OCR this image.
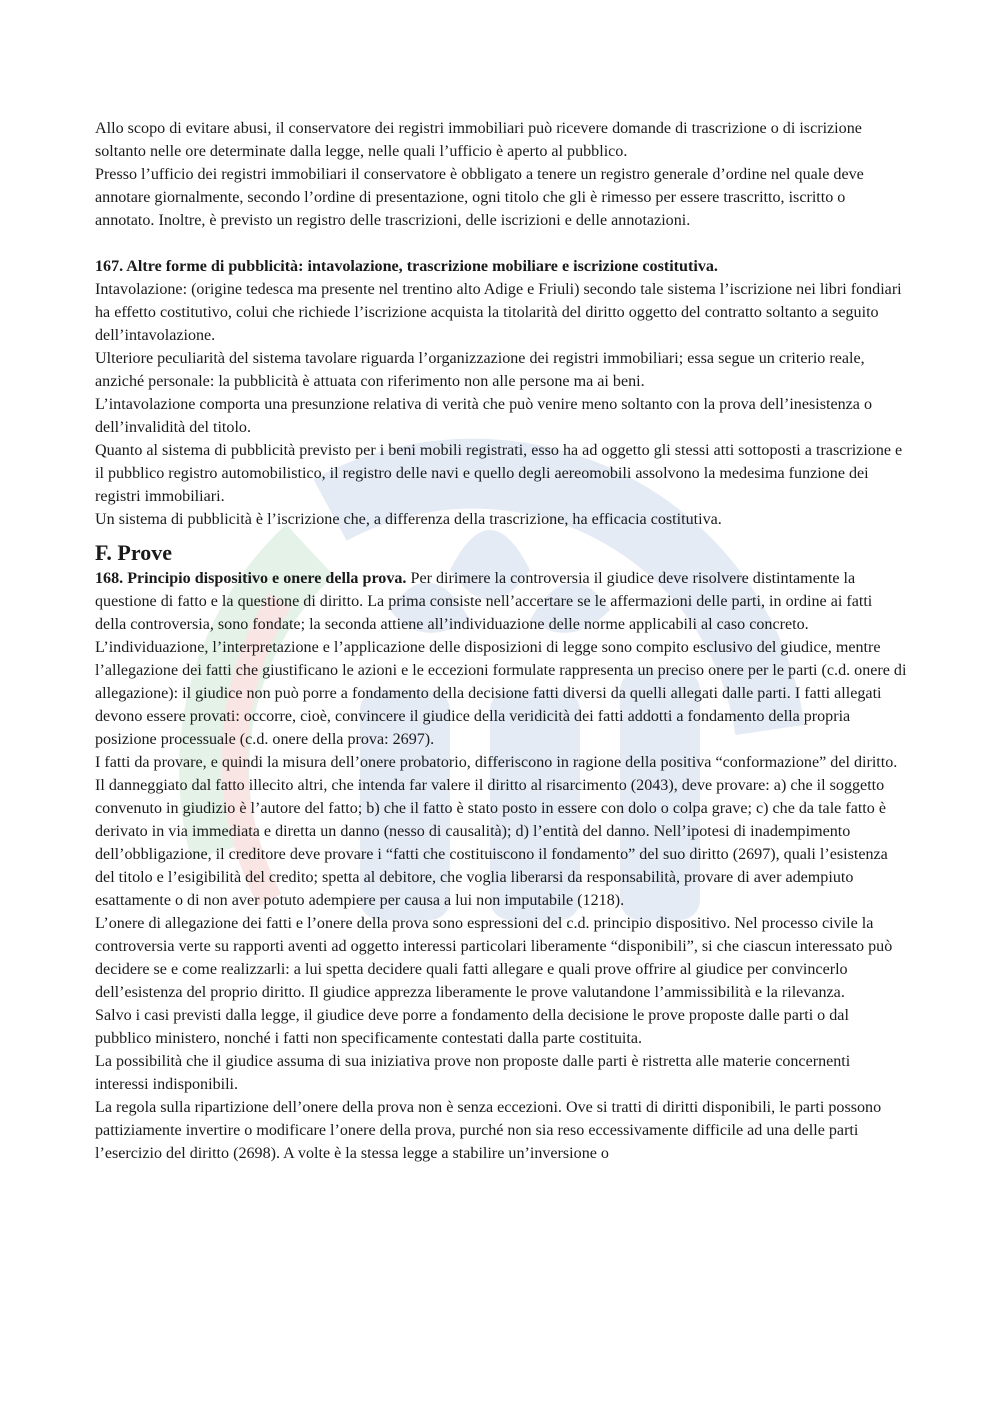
Allo scopo di evitare abusi, il conservatore dei registri immobiliari può ricevere domande di trascrizione o di iscrizione soltanto nelle ore determinate dalla legge, nelle quali l’ufficio è aperto al pubblico.

Presso l’ufficio dei registri immobiliari il conservatore è obbligato a tenere un registro generale d’ordine nel quale deve annotare giornalmente, secondo l’ordine di presentazione, ogni titolo che gli è rimesso per essere trascritto, iscritto o annotato. Inoltre, è previsto un registro delle trascrizioni, delle iscrizioni e delle annotazioni.

167. Altre forme di pubblicità: intavolazione, trascrizione mobiliare e iscrizione costitutiva.

Intavolazione: (origine tedesca ma presente nel trentino alto Adige e Friuli) secondo tale sistema l’iscrizione nei libri fondiari ha effetto costitutivo, colui che richiede l’iscrizione acquista la titolarità del diritto oggetto del contratto soltanto a seguito dell’intavolazione.

Ulteriore peculiarità del sistema tavolare riguarda l’organizzazione dei registri immobiliari; essa segue un criterio reale, anziché personale: la pubblicità è attuata con riferimento non alle persone ma ai beni.

L’intavolazione comporta una presunzione relativa di verità che può venire meno soltanto con la prova dell’inesistenza o dell’invalidità del titolo.

Quanto al sistema di pubblicità previsto per i beni mobili registrati, esso ha ad oggetto gli stessi atti sottoposti a trascrizione e il pubblico registro automobilistico, il registro delle navi e quello degli aereomobili assolvono la medesima funzione dei registri immobiliari.

Un sistema di pubblicità è l’iscrizione che, a differenza della trascrizione, ha efficacia costitutiva.

F. Prove

168. Principio dispositivo e onere della prova. Per dirimere la controversia il giudice deve risolvere distintamente la questione di fatto e la questione di diritto. La prima consiste nell’accertare se le affermazioni delle parti, in ordine ai fatti della controversia, sono fondate; la seconda attiene all’individuazione delle norme applicabili al caso concreto.

L’individuazione, l’interpretazione e l’applicazione delle disposizioni di legge sono compito esclusivo del giudice, mentre l’allegazione dei fatti che giustificano le azioni e le eccezioni formulate rappresenta un preciso onere per le parti (c.d. onere di allegazione): il giudice non può porre a fondamento della decisione fatti diversi da quelli allegati dalle parti. I fatti allegati devono essere provati: occorre, cioè, convincere il giudice della veridicità dei fatti addotti a fondamento della propria posizione processuale (c.d. onere della prova: 2697).

I fatti da provare, e quindi la misura dell’onere probatorio, differiscono in ragione della positiva “conformazione” del diritto. Il danneggiato dal fatto illecito altri, che intenda far valere il diritto al risarcimento (2043), deve provare: a) che il soggetto convenuto in giudizio è l’autore del fatto; b) che il fatto è stato posto in essere con dolo o colpa grave; c) che da tale fatto è derivato in via immediata e diretta un danno (nesso di causalità); d) l’entità del danno. Nell’ipotesi di inadempimento dell’obbligazione, il creditore deve provare i “fatti che costituiscono il fondamento” del suo diritto (2697), quali l’esistenza del titolo e l’esigibilità del credito; spetta al debitore, che voglia liberarsi da responsabilità, provare di aver adempiuto esattamente o di non aver potuto adempiere per causa a lui non imputabile (1218).

L’onere di allegazione dei fatti e l’onere della prova sono espressioni del c.d. principio dispositivo. Nel processo civile la controversia verte su rapporti aventi ad oggetto interessi particolari liberamente “disponibili”, si che ciascun interessato può decidere se e come realizzarli: a lui spetta decidere quali fatti allegare e quali prove offrire al giudice per convincerlo dell’esistenza del proprio diritto. Il giudice apprezza liberamente le prove valutandone l’ammissibilità e la rilevanza.

Salvo i casi previsti dalla legge, il giudice deve porre a fondamento della decisione le prove proposte dalle parti o dal pubblico ministero, nonché i fatti non specificamente contestati dalla parte costituita.

La possibilità che il giudice assuma di sua iniziativa prove non proposte dalle parti è ristretta alle materie concernenti interessi indisponibili.

La regola sulla ripartizione dell’onere della prova non è senza eccezioni. Ove si tratti di diritti disponibili, le parti possono pattiziamente invertire o modificare l’onere della prova, purché non sia reso eccessivamente difficile ad una delle parti l’esercizio del diritto (2698). A volte è la stessa legge a stabilire un’inversione o
